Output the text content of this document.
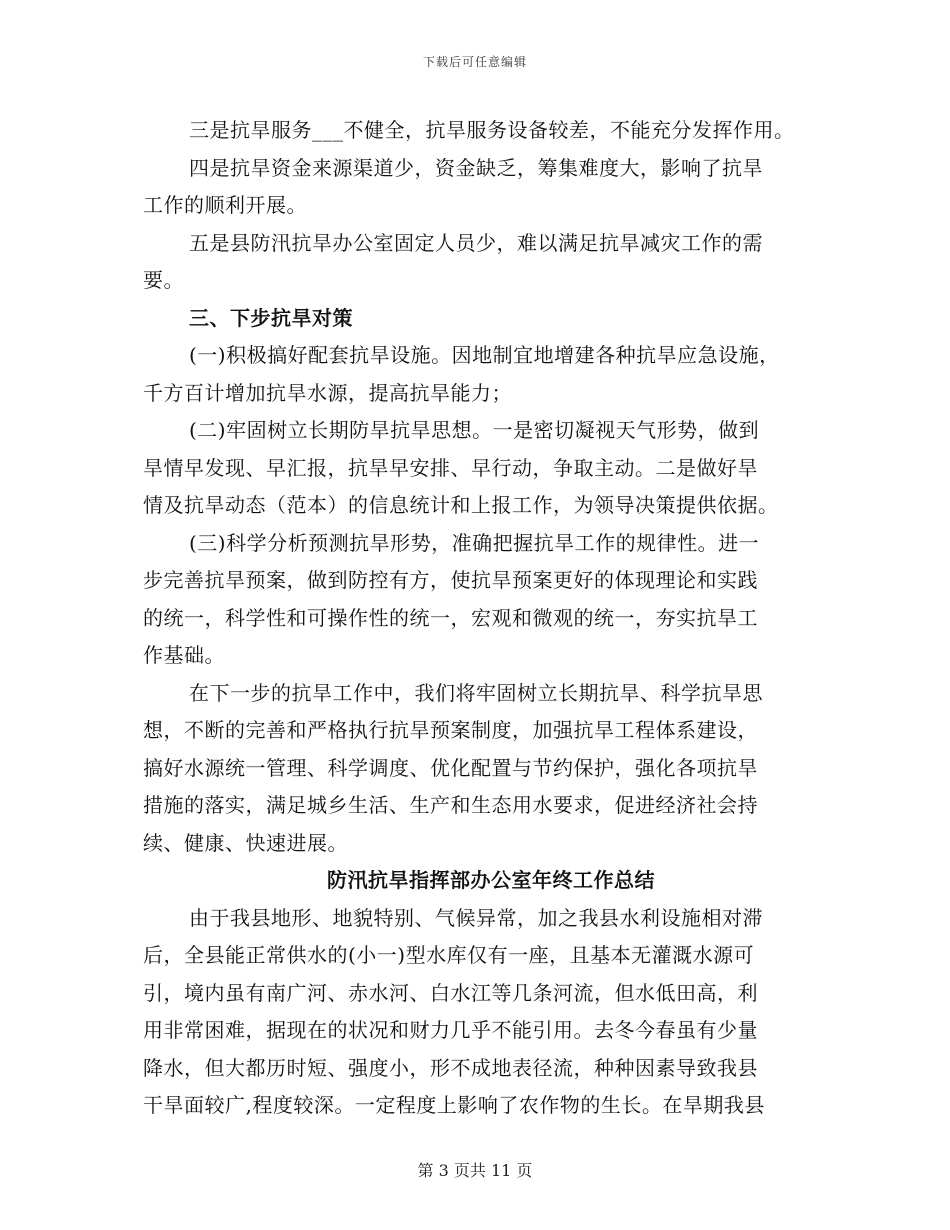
下载后可任意编辑
三是抗旱服务___不健全，抗旱服务设备较差，不能充分发挥作用。
四是抗旱资金来源渠道少，资金缺乏，筹集难度大，影响了抗旱
工作的顺利开展。
五是县防汛抗旱办公室固定人员少，难以满足抗旱减灾工作的需
要。
三、下步抗旱对策
(一)积极搞好配套抗旱设施。因地制宜地增建各种抗旱应急设施，
千方百计增加抗旱水源，提高抗旱能力；
(二)牢固树立长期防旱抗旱思想。一是密切凝视天气形势，做到
旱情早发现、早汇报，抗旱早安排、早行动，争取主动。二是做好旱
情及抗旱动态（范本）的信息统计和上报工作，为领导决策提供依据。
(三)科学分析预测抗旱形势，准确把握抗旱工作的规律性。进一
步完善抗旱预案，做到防控有方，使抗旱预案更好的体现理论和实践
的统一，科学性和可操作性的统一，宏观和微观的统一，夯实抗旱工
作基础。
在下一步的抗旱工作中，我们将牢固树立长期抗旱、科学抗旱思
想，不断的完善和严格执行抗旱预案制度，加强抗旱工程体系建设，
搞好水源统一管理、科学调度、优化配置与节约保护，强化各项抗旱
措施的落实，满足城乡生活、生产和生态用水要求，促进经济社会持
续、健康、快速进展。
防汛抗旱指挥部办公室年终工作总结
由于我县地形、地貌特别、气候异常，加之我县水利设施相对滞
后，全县能正常供水的(小一)型水库仅有一座，且基本无灌溉水源可
引，境内虽有南广河、赤水河、白水江等几条河流，但水低田高，利
用非常困难，据现在的状况和财力几乎不能引用。去冬今春虽有少量
降水，但大都历时短、强度小，形不成地表径流，种种因素导致我县
干旱面较广,程度较深。一定程度上影响了农作物的生长。在旱期我县
第 3 页共 11 页
